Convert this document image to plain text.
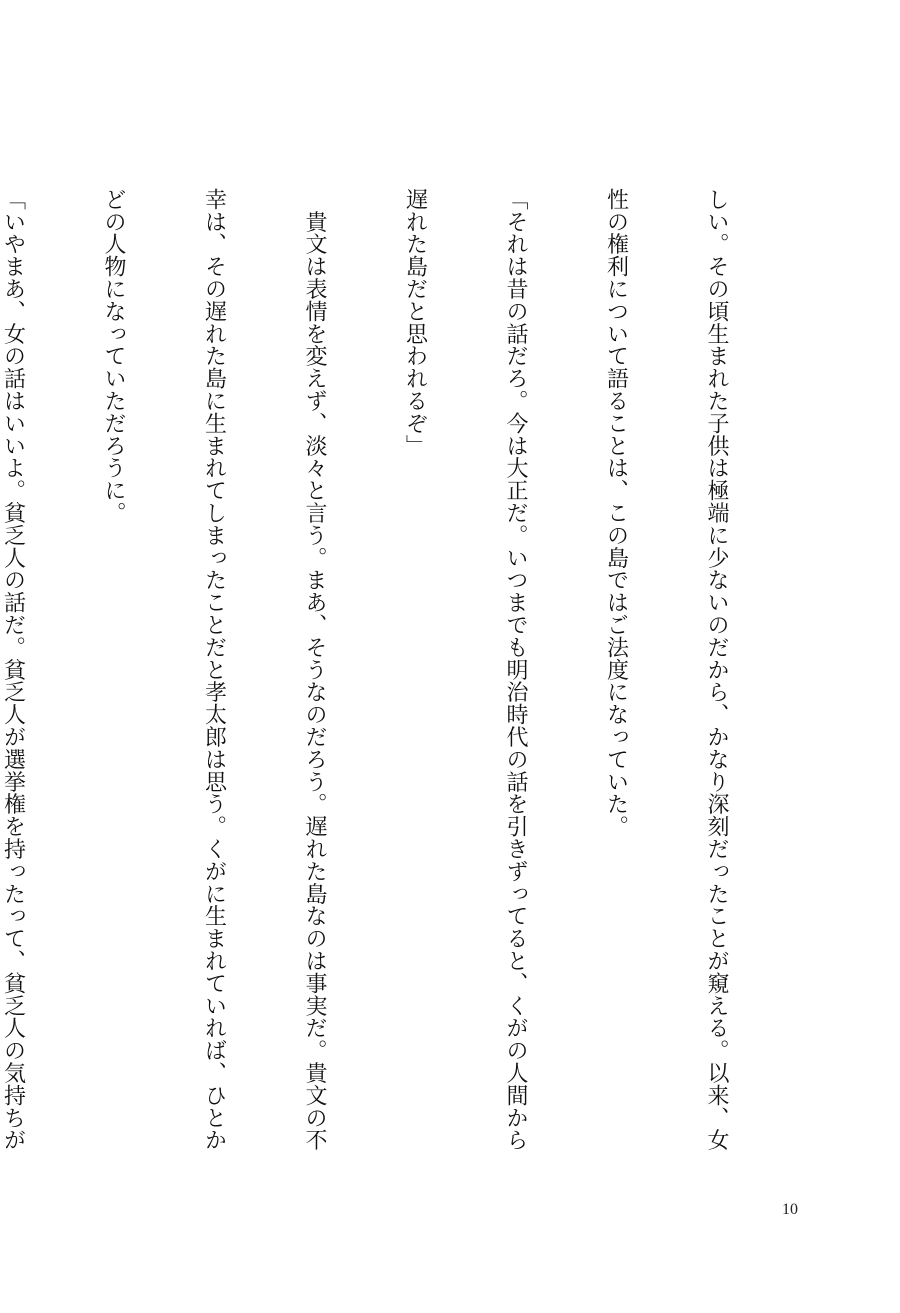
しい。その頃生まれた子供は極端に少ないのだから、かなり深刻だったことが窺える。以来、女

性の権利について語ることは、この島ではご法度になっていた。

「それは昔の話だろ。今は大正だ。いつまでも明治時代の話を引きずってると、くがの人間から

遅れた島だと思われるぞ」

　貴文は表情を変えず、淡々と言う。まあ、そうなのだろう。遅れた島なのは事実だ。貴文の不

幸は、その遅れた島に生まれてしまったことだと孝太郎は思う。くがに生まれていれば、ひとか

どの人物になっていただろうに。

「いやまあ、女の話はいいよ。貧乏人の話だ。貧乏人が選挙権を持ったって、貧乏人の気持ちが

10
